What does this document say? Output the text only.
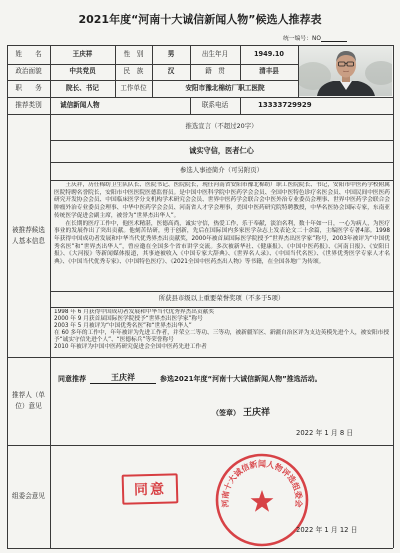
2021年度“河南十大诚信新闻人物”候选人推荐表
统一编号：NO
姓　　名	王庆祥	性　别	男	出生年月	1949.10
政治面貌	中共党员	民　族	汉	籍　贯	清丰县
职　　务	院长、书记	工作单位	安阳市豫北棉纺厂职工医院
推荐类别	诚信新闻人物	联系电话	13333729929
被推荐候选人基本信息
推选宣言（不超过20字）
诚实守信，医者仁心
参选人事迹简介（可另附页）

王庆祥，历任棉纺卫生队队长、医院书记、医院院长，现任河南省安阳市豫北棉纺厂职工医院院长、书记，安阳市中医药学校附属医院特聘名誉院长，安阳市中医医院医德监督员。是中国中医科学院中医药学会会员、全国中医特色诊疗名医会员、中国民间中医医药研究开发协会会员、中国临床医学分支机构学术研究会会员、世界中医药学会联合会中医外治专业委员会理事、世界中医药学会联合会肿瘤外治专业委员会理事、中华中医药学会会员、河南省人才学会理事，美国中医药研究院特聘教授，中华名医协会国际专家，东南亚传统医学促进会副主席，被誉为“世界杰出华人”。

在长期的医疗工作中，他医术精湛，医德高尚，诚实守信，热爱工作，乐于奉献，淡泊名利，数十年如一日，一心为病人，为医疗事业的发展作出了突出贡献。他刻苦钻研，勇于创新，先后在国际国内多家医学杂志上发表论文二十余篇，主编医学专著4部。1998年获得中国成功者发展和中华当代优秀界杰出贡献奖，2000年被首届国际医学院授予“世界杰出医学家”称号，2003年被评为“中国优秀名医”和“世界杰出华人”，曾应邀在全国多个省市讲学交流。多次被新华社、《健康报》、《中国中医药报》、《河南日报》、《安阳日报》、《大河报》等新闻媒体报道，其事迹被收入《中国专家大辞典》、《世界名人录》、《中国当代名医》、《世界优秀医学专家人才名典》、《中国当代优秀专家》、《中国特色医疗》、《2021全国中医药杰出人物》等书籍，在全国各地广为传颂。

所获县市级以上重要荣誉奖项（不多于5项）
1998 年 6 月获得中国成功者发展和中华当代优秀界杰出贡献奖
2000 年 9 月获首届国际医学院授予“世界杰出医学家”称号
2003 年 5 月被评为“中国优秀名医”和“世界杰出华人”
在 60 多年的工作中，年年被评为先进工作者，并荣立二等功、三等功，被新疆军区、新疆自治区评为支边英模先进个人，被安阳市授予“诚实守信先进个人”、“医德标兵”等荣誉称号
2010 年被评为中国中医药研究促进会全国中医药先进工作者
推荐人（单位）意见
同意推荐	王庆祥	参选2021年度“河南十大诚信新闻人物”推选活动。
（签章） 王庆祥
2022 年 1 月 8 日
组委会意见	同意
河南十大诚信新闻人物评选组委会
2022 年 1 月 12 日
